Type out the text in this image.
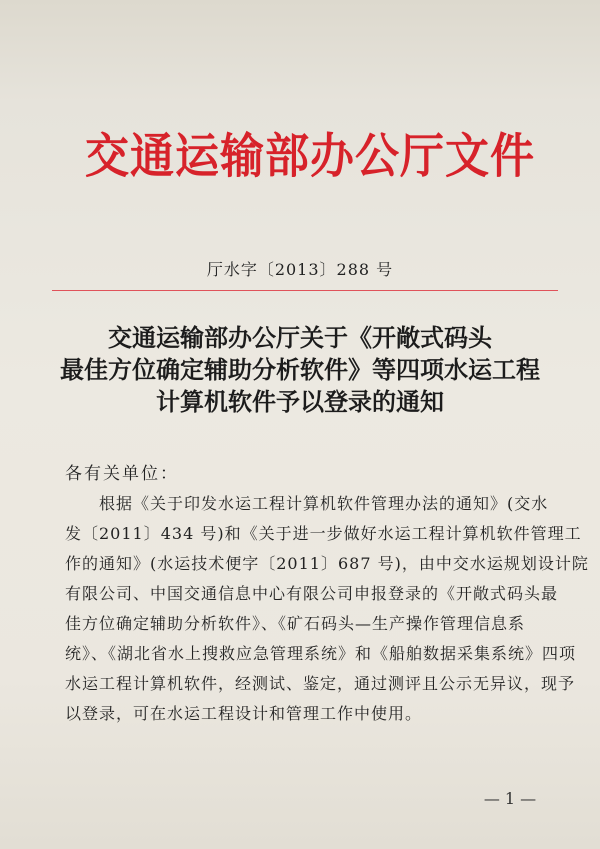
交通运输部办公厅文件
厅水字〔2013〕288 号
交通运输部办公厅关于《开敞式码头
最佳方位确定辅助分析软件》等四项水运工程
计算机软件予以登录的通知
各有关单位：
　　根据《关于印发水运工程计算机软件管理办法的通知》(交水
发〔2011〕434 号)和《关于进一步做好水运工程计算机软件管理工
作的通知》(水运技术便字〔2011〕687 号)，由中交水运规划设计院
有限公司、中国交通信息中心有限公司申报登录的《开敞式码头最
佳方位确定辅助分析软件》、《矿石码头—生产操作管理信息系
统》、《湖北省水上搜救应急管理系统》和《船舶数据采集系统》四项
水运工程计算机软件，经测试、鉴定，通过测评且公示无异议，现予
以登录，可在水运工程设计和管理工作中使用。
— 1 —
